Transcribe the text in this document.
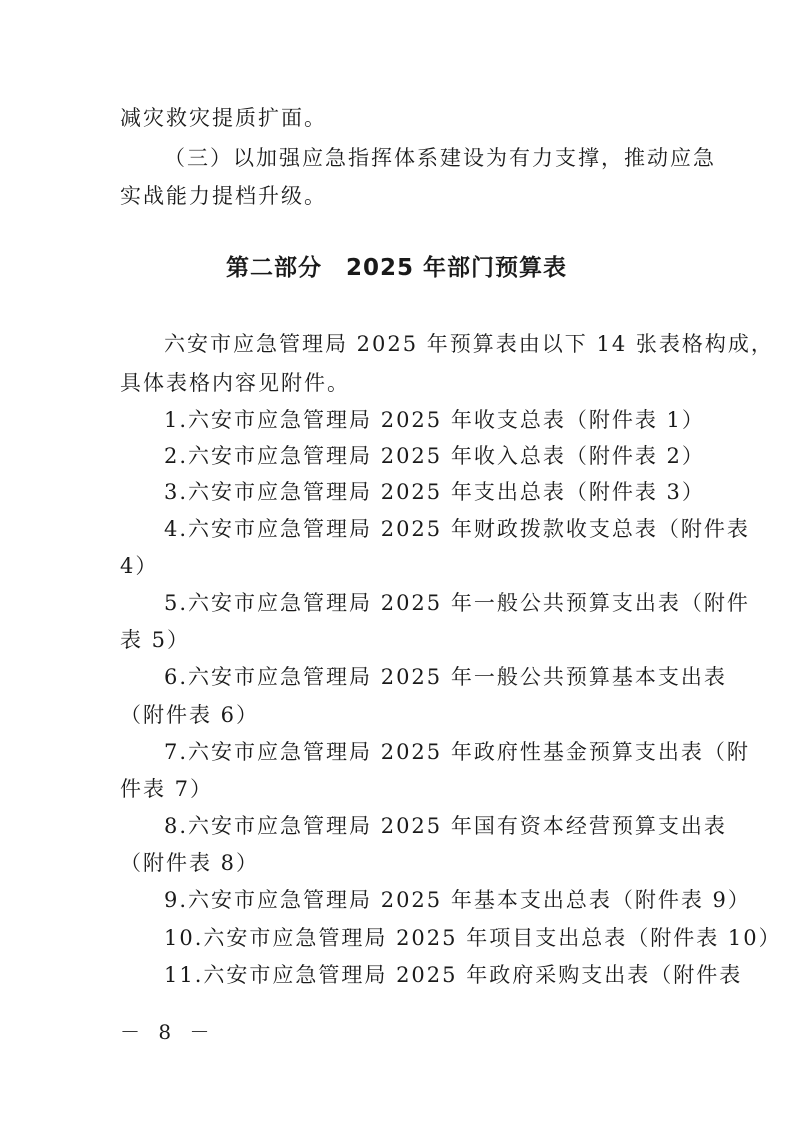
减灾救灾提质扩面。
（三）以加强应急指挥体系建设为有力支撑，推动应急
实战能力提档升级。
第二部分　2025 年部门预算表
六安市应急管理局 2025 年预算表由以下 14 张表格构成，
具体表格内容见附件。
1.六安市应急管理局 2025 年收支总表（附件表 1）
2.六安市应急管理局 2025 年收入总表（附件表 2）
3.六安市应急管理局 2025 年支出总表（附件表 3）
4.六安市应急管理局 2025 年财政拨款收支总表（附件表
4）
5.六安市应急管理局 2025 年一般公共预算支出表（附件
表 5）
6.六安市应急管理局 2025 年一般公共预算基本支出表
（附件表 6）
7.六安市应急管理局 2025 年政府性基金预算支出表（附
件表 7）
8.六安市应急管理局 2025 年国有资本经营预算支出表
（附件表 8）
9.六安市应急管理局 2025 年基本支出总表（附件表 9）
10.六安市应急管理局 2025 年项目支出总表（附件表 10）
11.六安市应急管理局 2025 年政府采购支出表（附件表
－ 8 －
